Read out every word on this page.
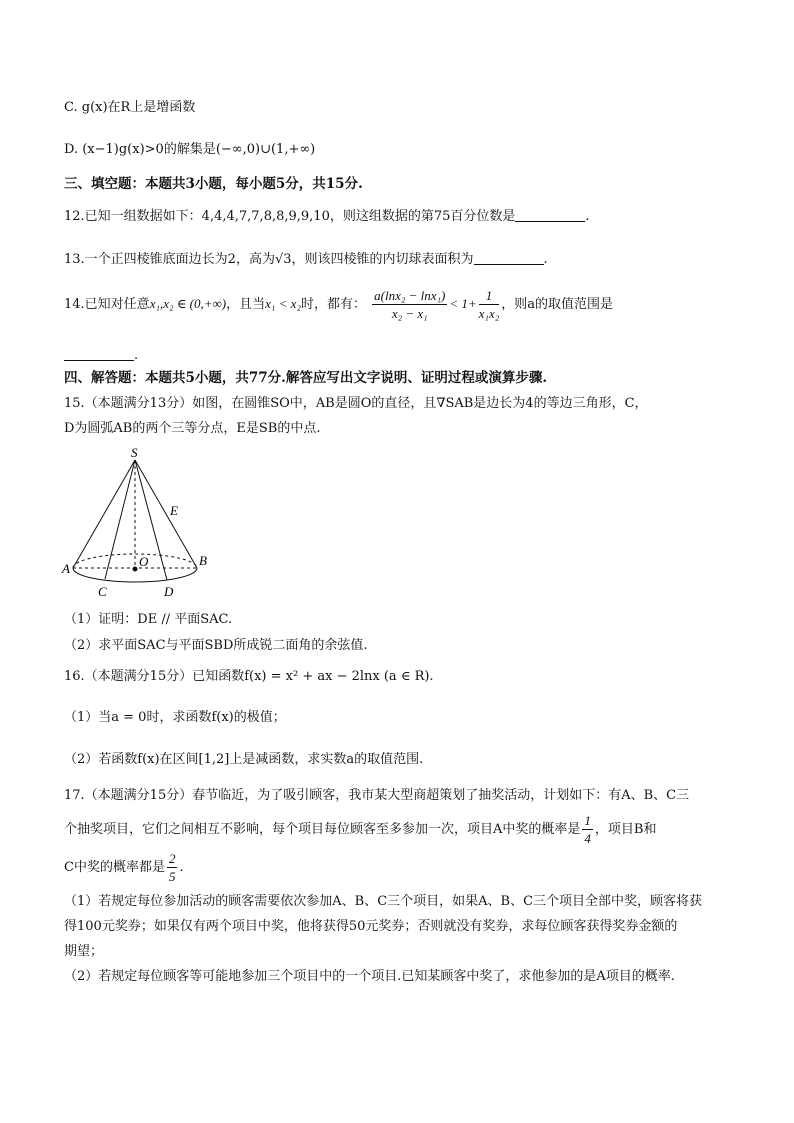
C. g(x)在R上是增函数
D. (x−1)g(x)>0的解集是(−∞,0)∪(1,+∞)
三、填空题：本题共3小题，每小题5分，共15分.
12.已知一组数据如下：4,4,4,7,7,8,8,9,9,10，则这组数据的第75百分位数是	.
13.一个正四棱锥底面边长为2，高为√3，则该四棱锥的内切球表面积为	.
14.已知对任意x₁,x₂ ∈ (0,+∞)，且当x₁ < x₂时，都有： $\frac{\text{a(lnx₂ − lnx₁)}}{\text{x₂ − x₁}} < 1+ \frac{1}{\text{x₁x₂}}$ ，则a的取值范围是
.
四、解答题：本题共5小题，共77分.解答应写出文字说明、证明过程或演算步骤.
15.（本题满分13分）如图，在圆锥SO中，AB是圆O的直径，且∇SAB是边长为4的等边三角形，C，
D为圆弧AB的两个三等分点，E是SB的中点.
S
E
A
B
O
C	D
（1）证明：DE // 平面SAC.
（2）求平面SAC与平面SBD所成锐二面角的余弦值.
16.（本题满分15分）已知函数f(x) = x² + ax − 2lnx (a ∈ R).
（1）当a = 0时，求函数f(x)的极值；
（2）若函数f(x)在区间[1,2]上是减函数，求实数a的取值范围.
17.（本题满分15分）春节临近，为了吸引顾客，我市某大型商超策划了抽奖活动，计划如下：有A、B、C三
个抽奖项目，它们之间相互不影响，每个项目每位顾客至多参加一次，项目A中奖的概率是 $\frac{1}{4}$ ，项目B和
C中奖的概率都是 $\frac{2}{5}$ .
（1）若规定每位参加活动的顾客需要依次参加A、B、C三个项目，如果A、B、C三个项目全部中奖，顾客将获
得100元奖券；如果仅有两个项目中奖，他将获得50元奖券；否则就没有奖券，求每位顾客获得奖券金额的
期望；
（2）若规定每位顾客等可能地参加三个项目中的一个项目.已知某顾客中奖了，求他参加的是A项目的概率.
